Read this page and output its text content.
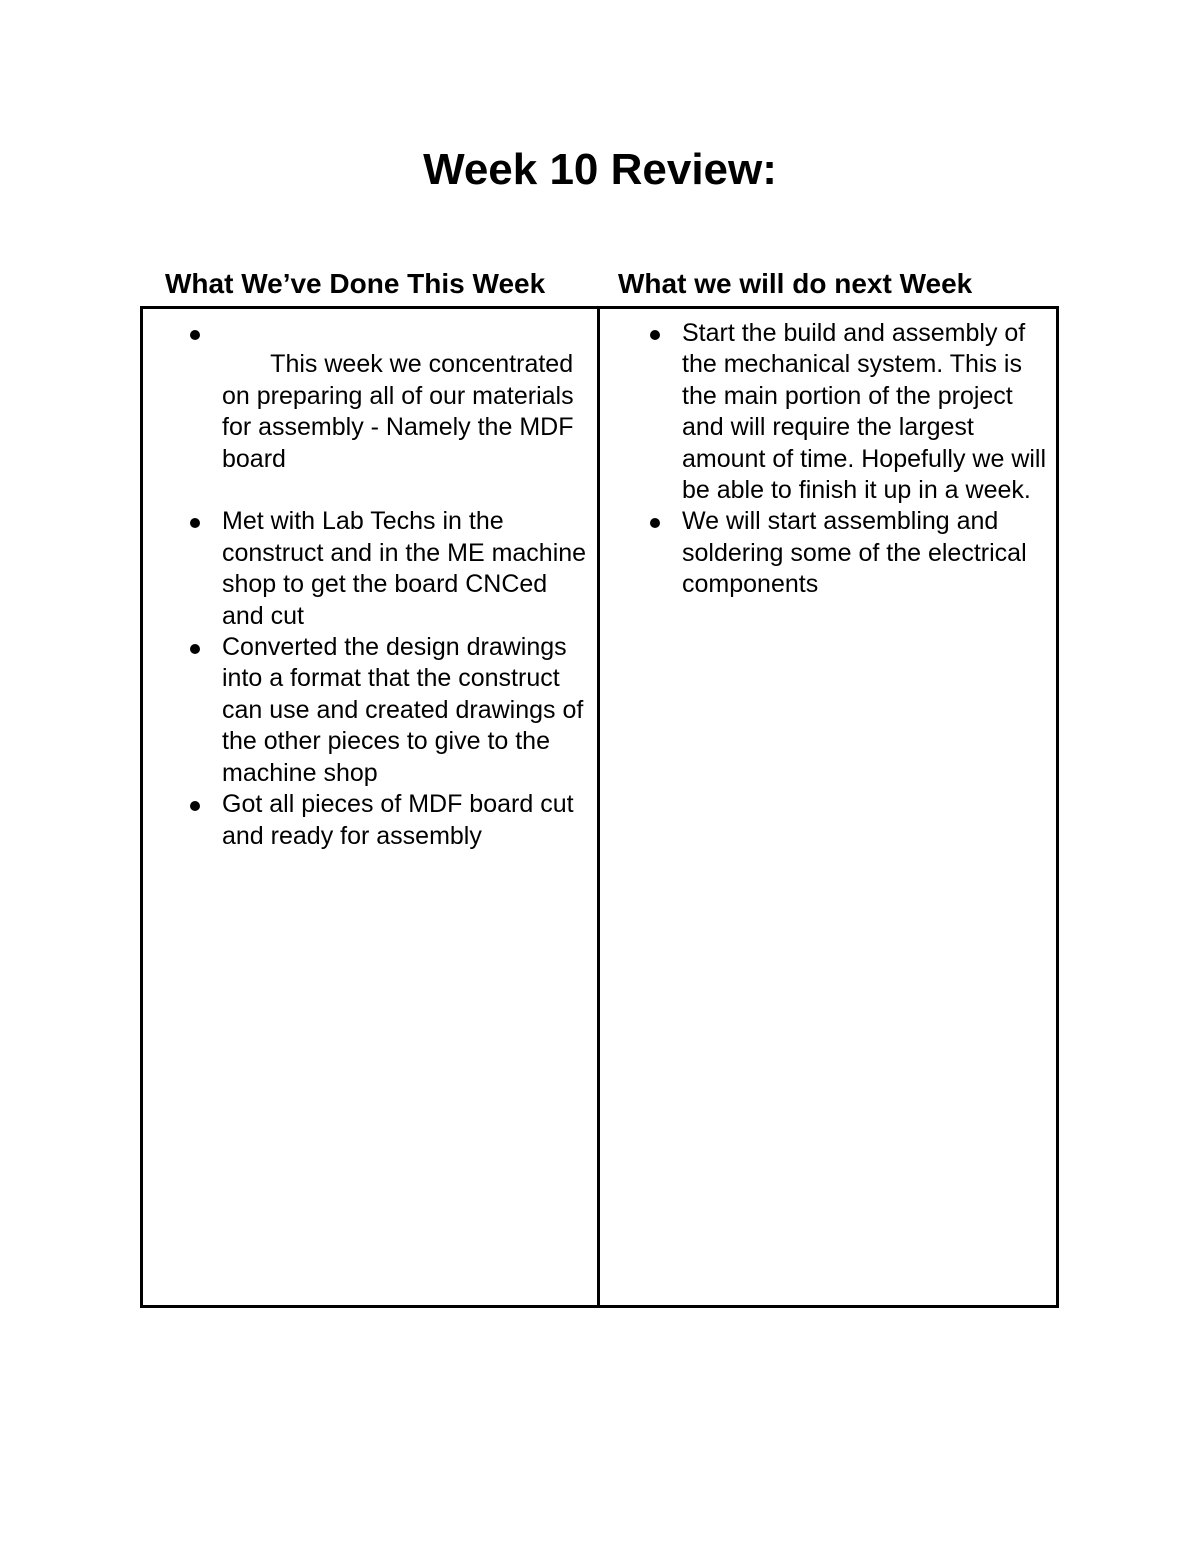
Week 10 Review:
What We’ve Done This Week	What we will do next Week

This week we concentrated on preparing all of our materials for assembly - Namely the MDF board

Met with Lab Techs in the construct and in the ME machine shop to get the board CNCed and cut
Converted the design drawings into a format that the construct can use and created drawings of the other pieces to give to the machine shop
Got all pieces of MDF board cut and ready for assembly
Start the build and assembly of the mechanical system. This is the main portion of the project and will require the largest amount of time. Hopefully we will be able to finish it up in a week.
We will start assembling and soldering some of the electrical components
